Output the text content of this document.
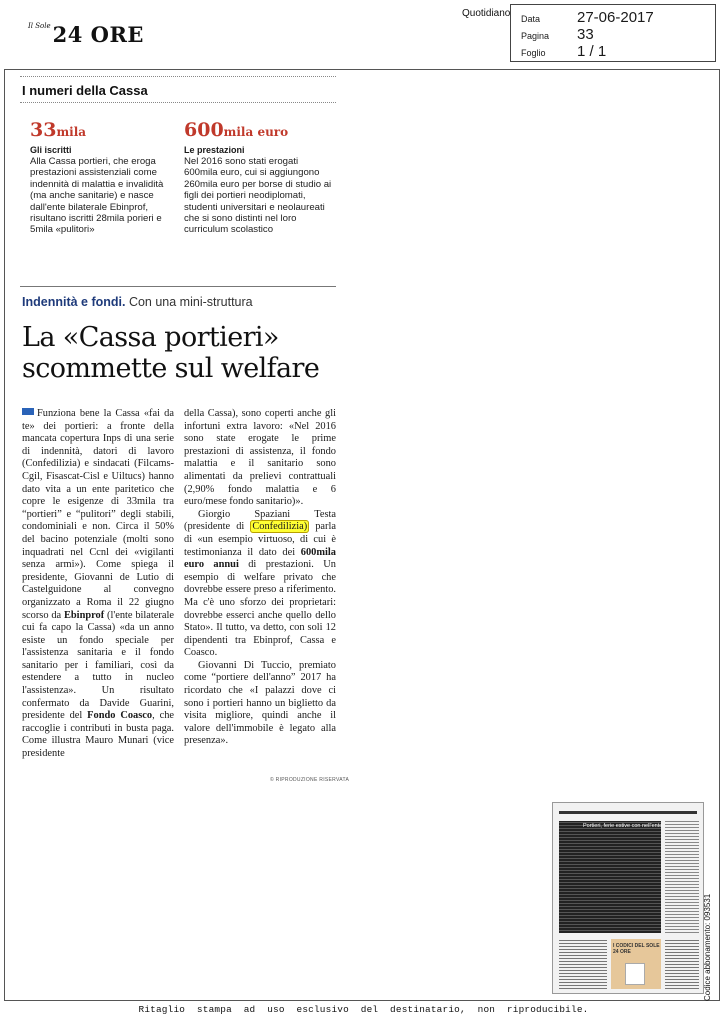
$^{Il Sole}$24 ORE
Quotidiano Data 27-06-2017
Pagina 33
Foglio 1 / 1
I numeri della Cassa
33mila
Gli iscritti
Alla Cassa portieri, che eroga prestazioni assistenziali come indennità di malattia e invalidità (ma anche sanitarie) e nasce dall'ente bilaterale Ebinprof, risultano iscritti 28mila porieri e 5mila «pulitori»
600mila euro
Le prestazioni
Nel 2016 sono stati erogati 600mila euro, cui si aggiungono 260mila euro per borse di studio ai figli dei portieri neodiplomati, studenti universitari e neolaureati che si sono distinti nel loro curriculum scolastico
Indennità e fondi. Con una mini-struttura
La «Cassa portieri» scommette sul welfare

Funziona bene la Cassa «fai da te» dei portieri: a fronte della mancata copertura Inps di una serie di indennità, datori di lavoro (Confedilizia) e sindacati (Filcams-Cgil, Fisascat-Cisl e Uiltucs) hanno dato vita a un ente paritetico che copre le esigenze di 33mila tra “portieri” e “pulitori” degli stabili, condominiali e non. Circa il 50% del bacino potenziale (molti sono inquadrati nel Ccnl dei «vigilanti senza armi»). Come spiega il presidente, Giovanni de Lutio di Castelguidone al convegno organizzato a Roma il 22 giugno scorso da Ebinprof (l'ente bilaterale cui fa capo la Cassa) «da un anno esiste un fondo speciale per l'assistenza sanitaria e il fondo sanitario per i familiari, così da estendere a tutto in nucleo l'assistenza». Un risultato confermato da Davide Guarini, presidente del Fondo Coasco, che raccoglie i contributi in busta paga. Come illustra Mauro Munari (vice presidente

della Cassa), sono coperti anche gli infortuni extra lavoro: «Nel 2016 sono state erogate le prime prestazioni di assistenza, il fondo malattia e il sanitario sono alimentati da prelievi contrattuali (2,90% fondo malattia e 6 euro/mese fondo sanitario)».

Giorgio Spaziani Testa (presidente di Confedilizia) parla di «un esempio virtuoso, di cui è testimonianza il dato dei 600mila euro annui di prestazioni. Un esempio di welfare privato che dovrebbe essere preso a riferimento. Ma c'è uno sforzo dei proprietari: dovrebbe esserci anche quello dello Stato». Il tutto, va detto, con soli 12 dipendenti tra Ebinprof, Cassa e Coasco.

Giovanni Di Tuccio, premiato come “portiere dell'anno” 2017 ha ricordato che «I palazzi dove ci sono i portieri hanno un biglietto da visita migliore, quindi anche il valore dell'immobile è legato alla presenza».

© RIPRODUZIONE RISERVATA
Portieri, ferie estive con nell'ente
I CODICI DEL SOLE 24 ORE	Codice abbonamento: 093531
Ritaglio stampa ad uso esclusivo del destinatario, non riproducibile.
